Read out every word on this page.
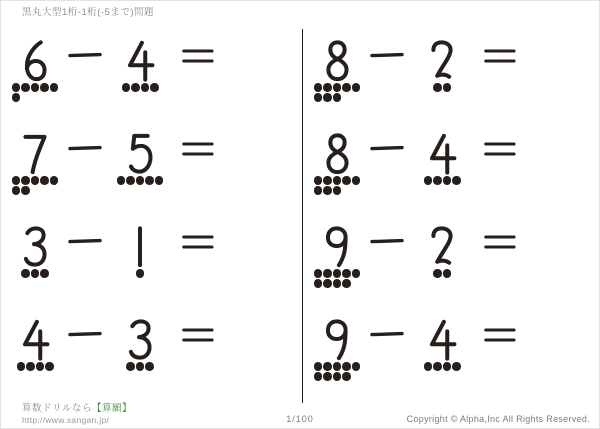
黒丸大型1桁-1桁(-5まで)問題
算数ドリルなら【算願】
http://www.sangan.jp/	1/100	Copyright © Alpha,Inc All Rights Reserved.
